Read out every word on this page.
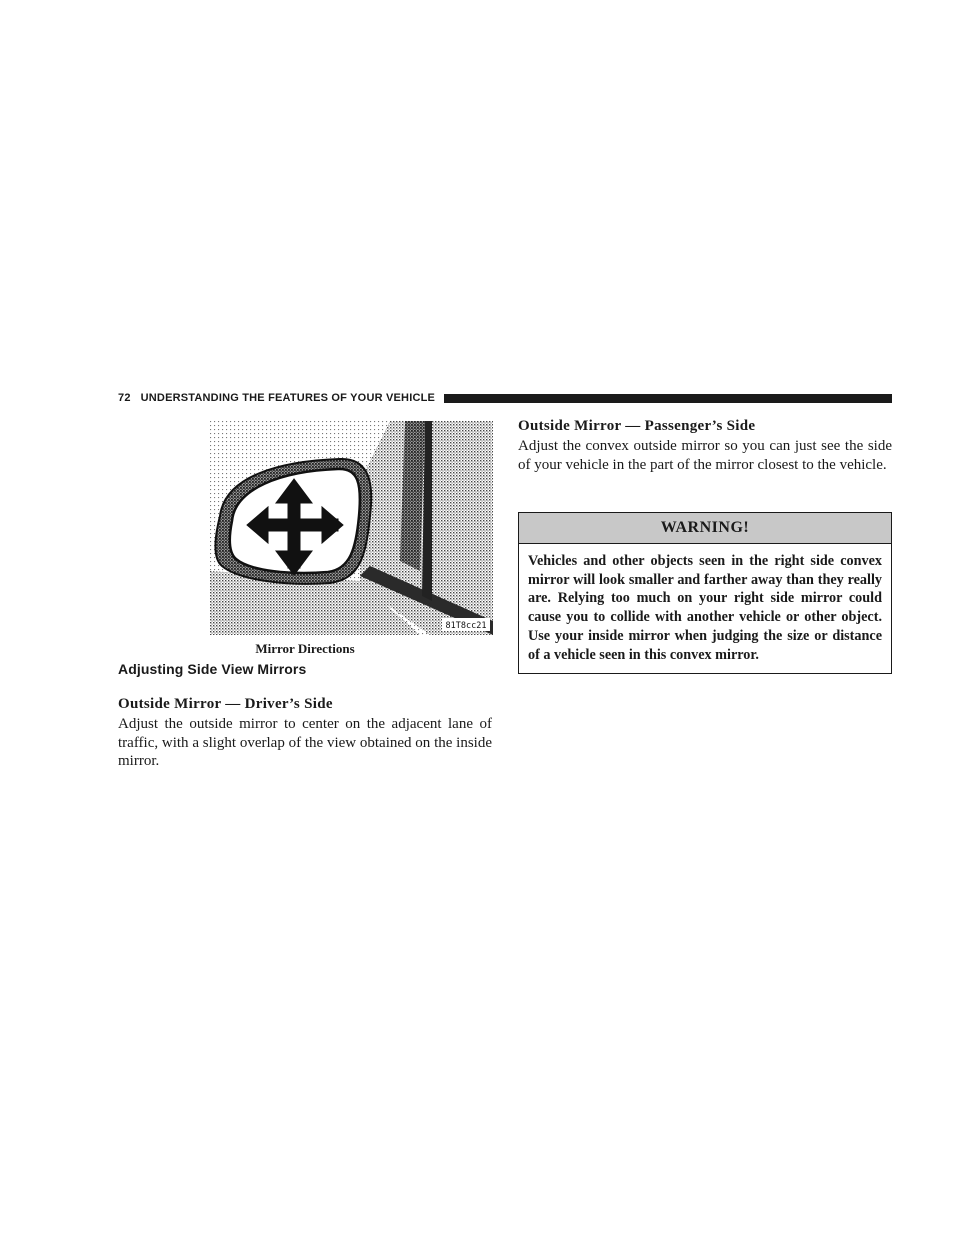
72 UNDERSTANDING THE FEATURES OF YOUR VEHICLE
81T8cc21
Mirror Directions
Adjusting Side View Mirrors
Outside Mirror — Driver’s Side

Adjust the outside mirror to center on the adjacent lane of traffic, with a slight overlap of the view obtained on the inside mirror.

Outside Mirror — Passenger’s Side

Adjust the convex outside mirror so you can just see the side of your vehicle in the part of the mirror closest to the vehicle.

WARNING!
Vehicles and other objects seen in the right side convex mirror will look smaller and farther away than they really are. Relying too much on your right side mirror could cause you to collide with another vehicle or other object. Use your inside mirror when judging the size or distance of a vehicle seen in this convex mirror.
